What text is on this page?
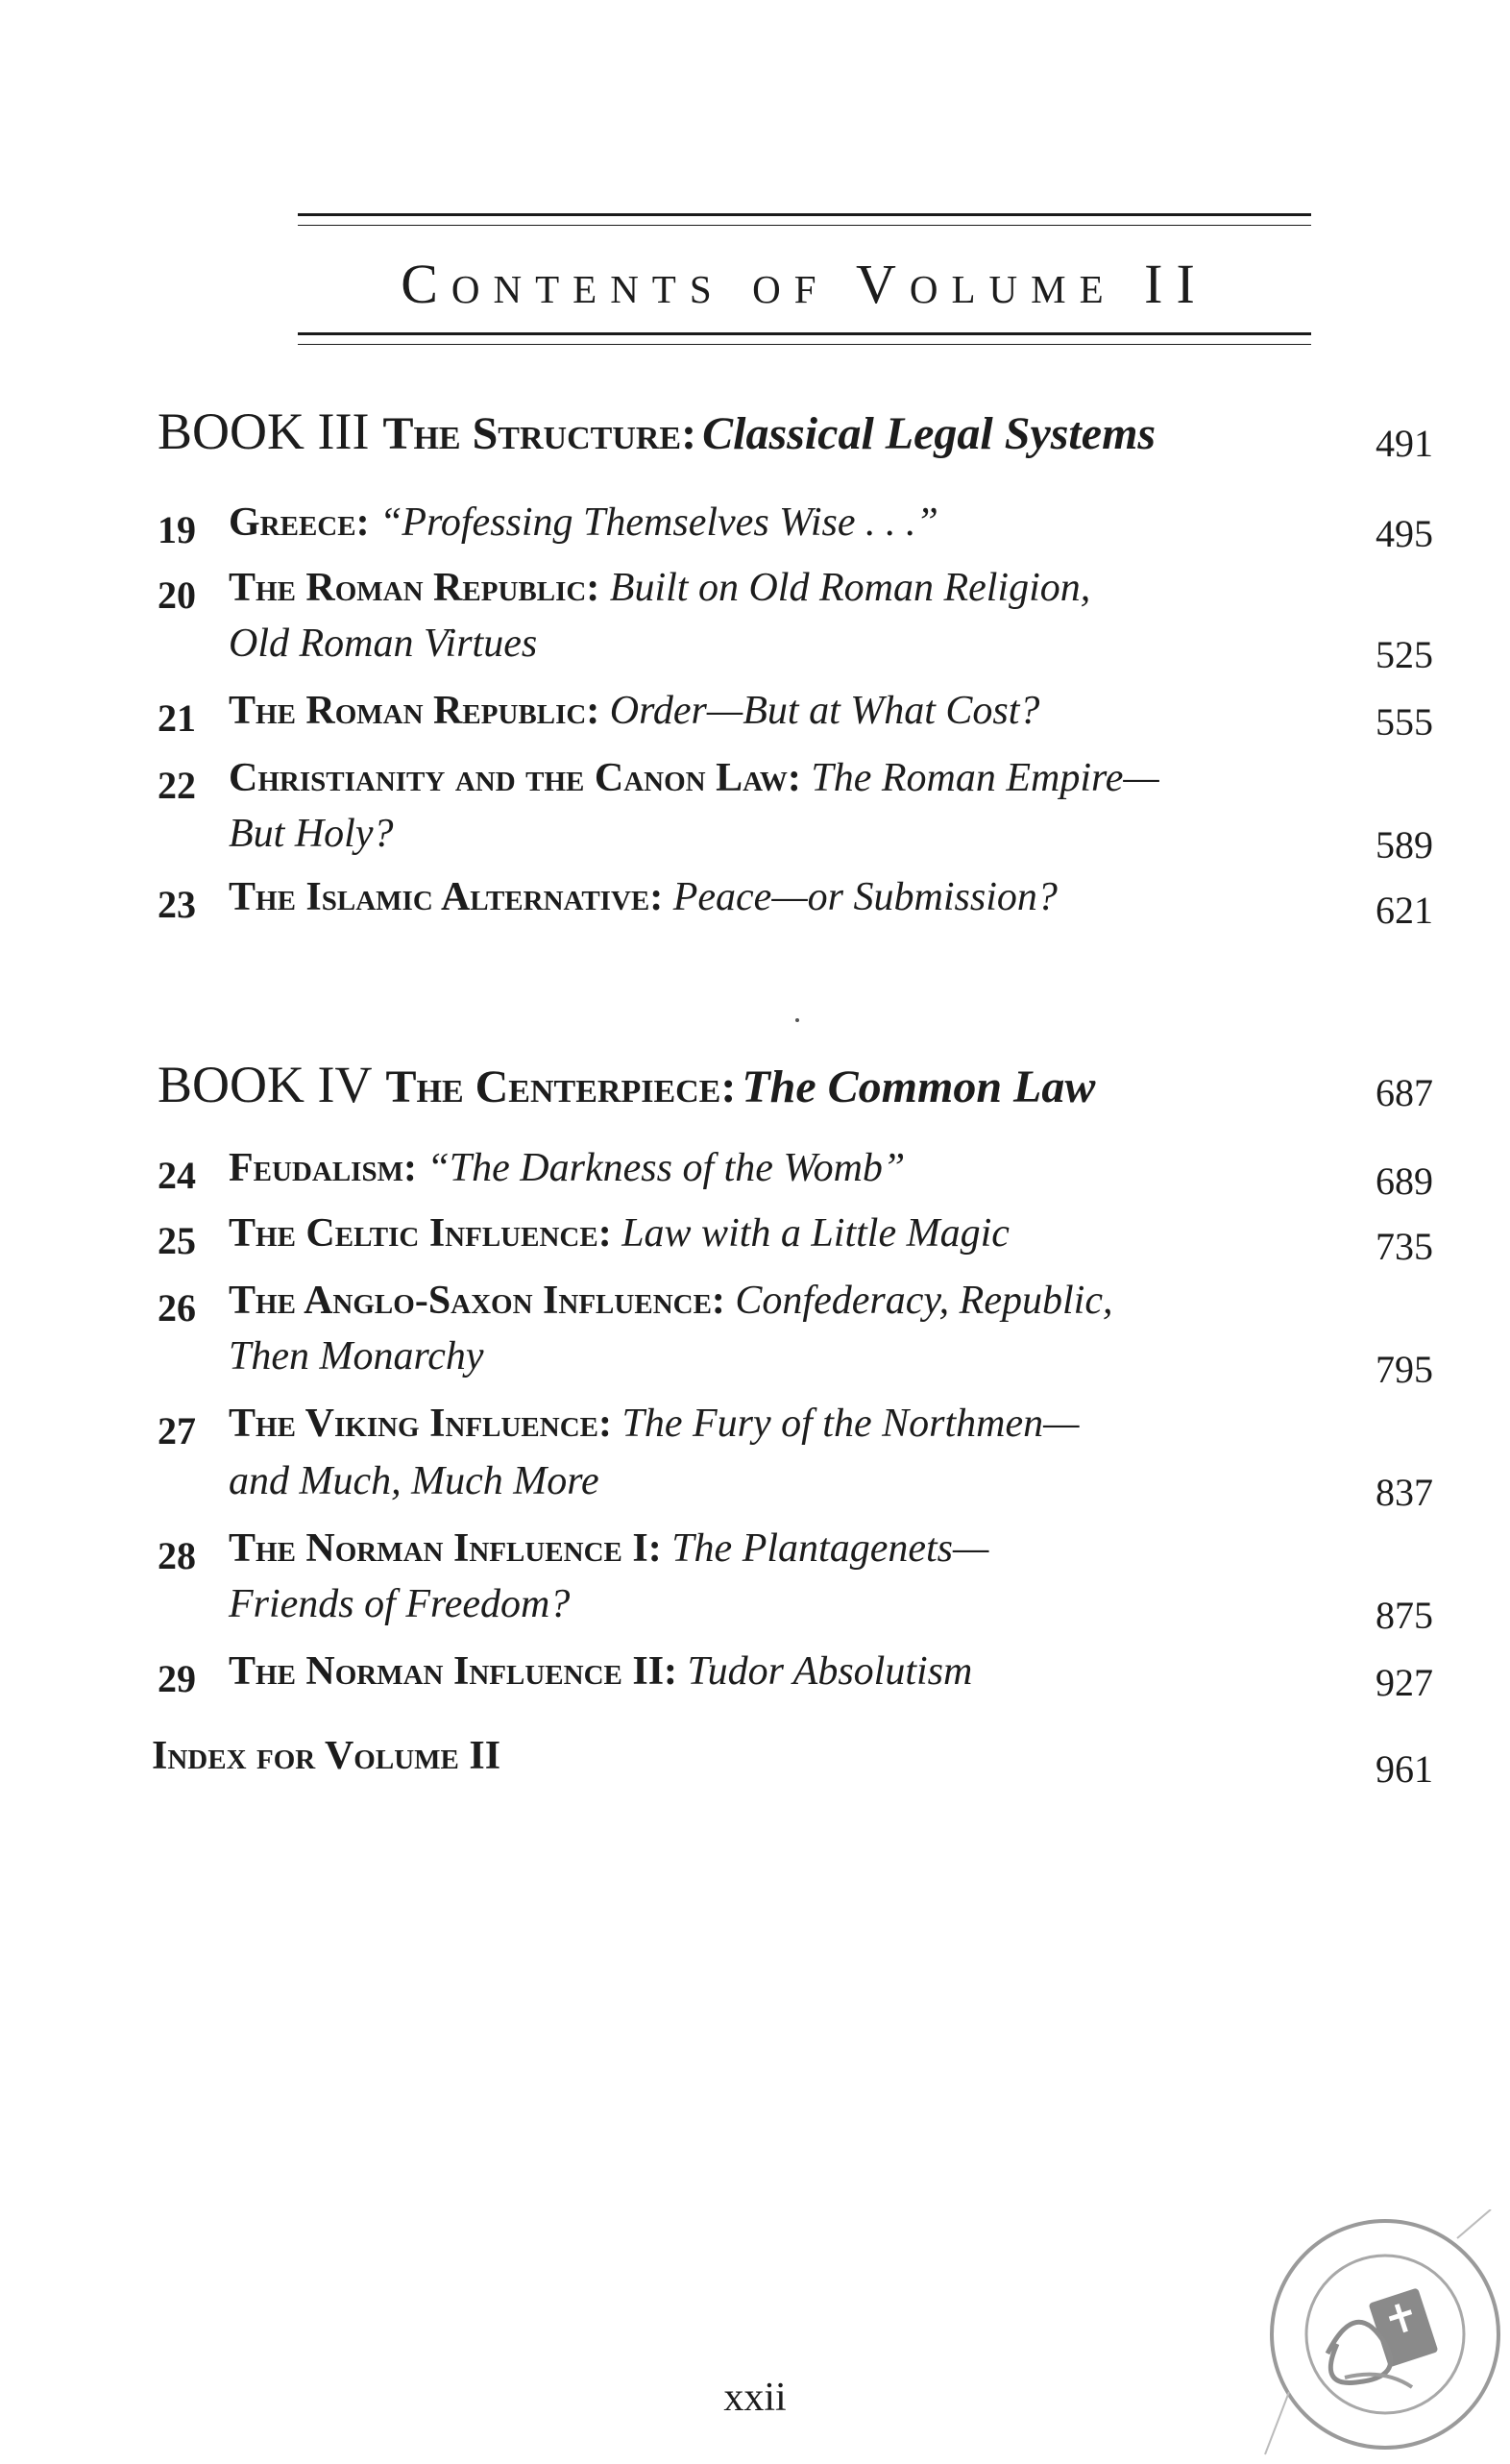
Contents of Volume II
BOOK III The Structure: Classical Legal Systems	491
19 Greece: “Professing Themselves Wise . . .”	495
20 The Roman Republic: Built on Old Roman Religion,
Old Roman Virtues	525
21 The Roman Republic: Order—But at What Cost?	555
22 Christianity and the Canon Law: The Roman Empire—
But Holy?	589
23 The Islamic Alternative: Peace—or Submission?	621
BOOK IV The Centerpiece: The Common Law	687
24 Feudalism: “The Darkness of the Womb”	689
25 The Celtic Influence: Law with a Little Magic	735
26 The Anglo-Saxon Influence: Confederacy, Republic,
Then Monarchy	795
27 The Viking Influence: The Fury of the Northmen—
and Much, Much More	837
28 The Norman Influence I: The Plantagenets—
Friends of Freedom?	875
29 The Norman Influence II: Tudor Absolutism	927
Index for Volume II	961
xxii
